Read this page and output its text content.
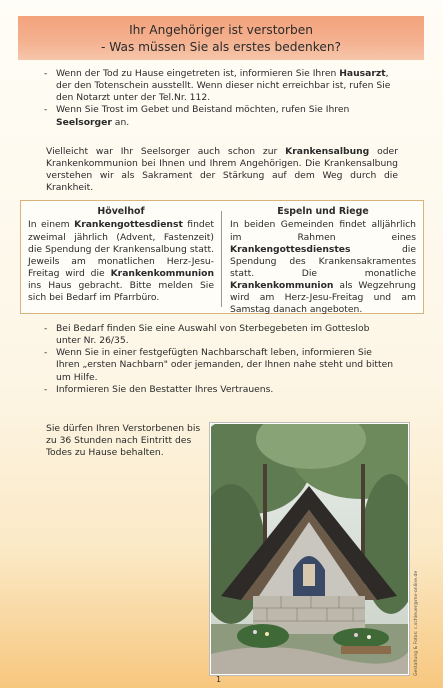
Ihr Angehöriger ist verstorben
- Was müssen Sie als erstes bedenken?
- Wenn der Tod zu Hause eingetreten ist, informieren Sie Ihren Hausarzt, der den Totenschein ausstellt. Wenn dieser nicht erreichbar ist, rufen Sie den Notarzt unter der Tel.Nr. 112.
- Wenn Sie Trost im Gebet und Beistand möchten, rufen Sie Ihren Seelsorger an.
Vielleicht war Ihr Seelsorger auch schon zur Krankensalbung oder Krankenkommunion bei Ihnen und Ihrem Angehörigen. Die Krankensalbung verstehen wir als Sakrament der Stärkung auf dem Weg durch die Krankheit.
Hövelhof
In einem Krankengottesdienst findet zweimal jährlich (Advent, Fastenzeit) die Spendung der Krankensalbung statt. Jeweils am monatlichen Herz-Jesu-Freitag wird die Krankenkommunion ins Haus gebracht. Bitte melden Sie sich bei Bedarf im Pfarrbüro.
Espeln und Riege
In beiden Gemeinden findet alljährlich im Rahmen eines Krankengottesdienstes die Spendung des Krankensakramentes statt. Die monatliche Krankenkommunion als Wegzehrung wird am Herz-Jesu-Freitag und am Samstag danach angeboten.
- Bei Bedarf finden Sie eine Auswahl von Sterbegebeten im Gotteslob unter Nr. 26/35.
- Wenn Sie in einer festgefügten Nachbarschaft leben, informieren Sie Ihren „ersten Nachbarn" oder jemanden, der Ihnen nahe steht und bitten um Hilfe.
- Informieren Sie den Bestatter Ihres Vertrauens.
Sie dürfen Ihren Verstorbenen bis zu 36 Stunden nach Eintritt des Todes zu Hause behalten.
Gestaltung & Fotos: c.schieuer@mv-online.de
1
